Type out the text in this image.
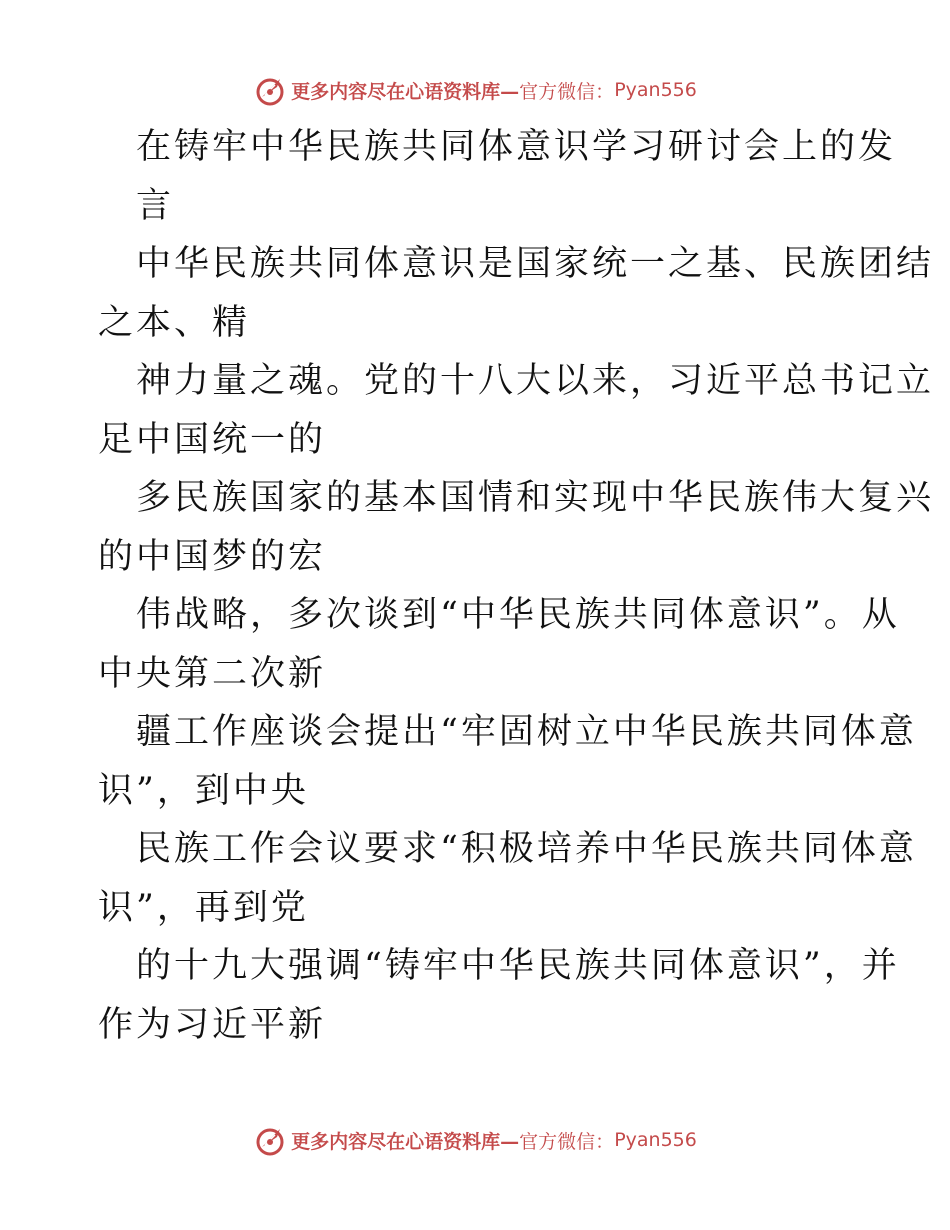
更多内容尽在心语资料库— 官方微信： Pyan556
在铸牢中华民族共同体意识学习研讨会上的发
言
中华民族共同体意识是国家统一之基、民族团结
之本、精
神力量之魂。党的十八大以来，习近平总书记立
足中国统一的
多民族国家的基本国情和实现中华民族伟大复兴
的中国梦的宏
伟战略，多次谈到“中华民族共同体意识”。从
中央第二次新
疆工作座谈会提出“牢固树立中华民族共同体意
识”，到中央
民族工作会议要求“积极培养中华民族共同体意
识”，再到党
的十九大强调“铸牢中华民族共同体意识”，并
作为习近平新
更多内容尽在心语资料库— 官方微信： Pyan556
